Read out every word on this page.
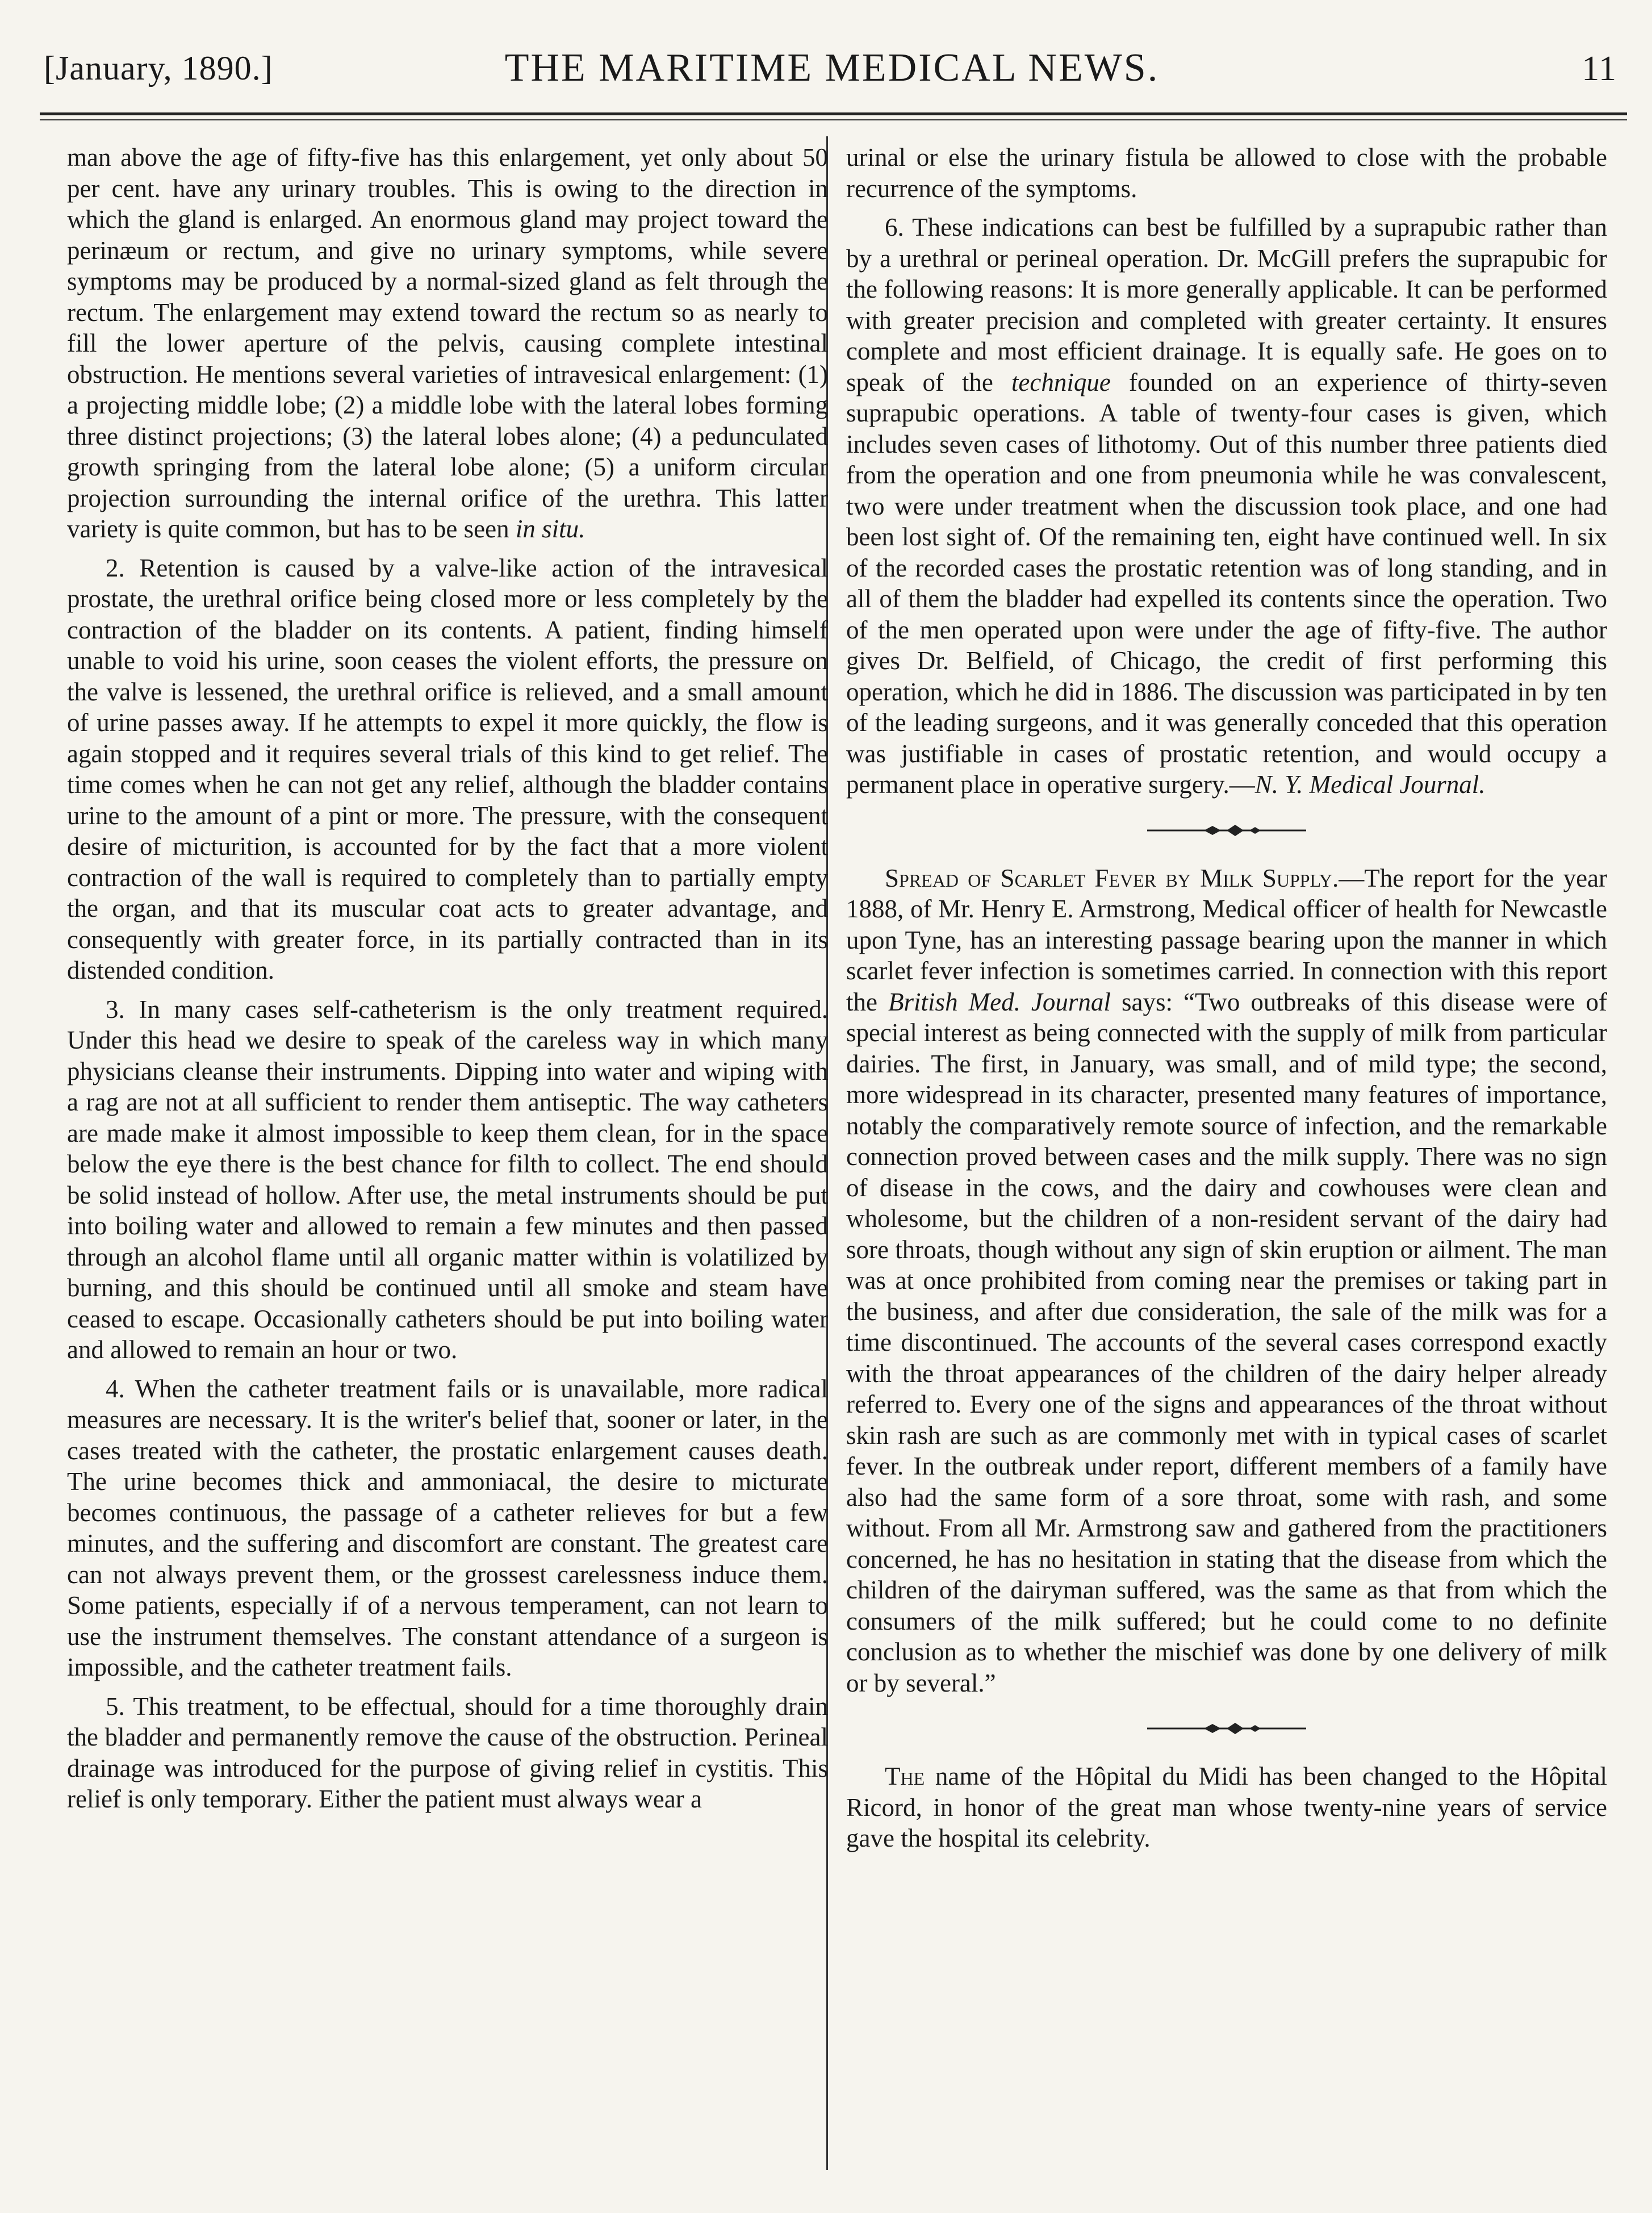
[January, 1890.]	THE MARITIME MEDICAL NEWS.	11

man above the age of fifty-five has this enlargement, yet only about 50 per cent. have any urinary troubles. This is owing to the direction in which the gland is enlarged. An enormous gland may project toward the perinæum or rectum, and give no urinary symptoms, while severe symptoms may be produced by a normal-sized gland as felt through the rectum. The enlargement may extend toward the rectum so as nearly to fill the lower aperture of the pelvis, causing complete intestinal obstruction. He mentions several varieties of intravesical enlargement: (1) a projecting middle lobe; (2) a middle lobe with the lateral lobes forming three distinct projections; (3) the lateral lobes alone; (4) a pedunculated growth springing from the lateral lobe alone; (5) a uniform circular projection surrounding the internal orifice of the urethra. This latter variety is quite common, but has to be seen in situ.

2. Retention is caused by a valve-like action of the intravesical prostate, the urethral orifice being closed more or less completely by the contraction of the bladder on its contents. A patient, finding himself unable to void his urine, soon ceases the violent efforts, the pressure on the valve is lessened, the urethral orifice is relieved, and a small amount of urine passes away. If he attempts to expel it more quickly, the flow is again stopped and it requires several trials of this kind to get relief. The time comes when he can not get any relief, although the bladder contains urine to the amount of a pint or more. The pressure, with the consequent desire of micturition, is accounted for by the fact that a more violent contraction of the wall is required to completely than to partially empty the organ, and that its muscular coat acts to greater advantage, and consequently with greater force, in its partially contracted than in its distended condition.

3. In many cases self-catheterism is the only treatment required. Under this head we desire to speak of the careless way in which many physicians cleanse their instruments. Dipping into water and wiping with a rag are not at all sufficient to render them antiseptic. The way catheters are made make it almost impossible to keep them clean, for in the space below the eye there is the best chance for filth to collect. The end should be solid instead of hollow. After use, the metal instruments should be put into boiling water and allowed to remain a few minutes and then passed through an alcohol flame until all organic matter within is volatilized by burning, and this should be continued until all smoke and steam have ceased to escape. Occasionally catheters should be put into boiling water and allowed to remain an hour or two.

4. When the catheter treatment fails or is unavailable, more radical measures are necessary. It is the writer's belief that, sooner or later, in the cases treated with the catheter, the prostatic enlargement causes death. The urine becomes thick and ammoniacal, the desire to micturate becomes continuous, the passage of a catheter relieves for but a few minutes, and the suffering and discomfort are constant. The greatest care can not always prevent them, or the grossest carelessness induce them. Some patients, especially if of a nervous temperament, can not learn to use the instrument themselves. The constant attendance of a surgeon is impossible, and the catheter treatment fails.

5. This treatment, to be effectual, should for a time thoroughly drain the bladder and permanently remove the cause of the obstruction. Perineal drainage was introduced for the purpose of giving relief in cystitis. This relief is only temporary. Either the patient must always wear a

urinal or else the urinary fistula be allowed to close with the probable recurrence of the symptoms.

6. These indications can best be fulfilled by a suprapubic rather than by a urethral or perineal operation. Dr. McGill prefers the suprapubic for the following reasons: It is more generally applicable. It can be performed with greater precision and completed with greater certainty. It ensures complete and most efficient drainage. It is equally safe. He goes on to speak of the technique founded on an experience of thirty-seven suprapubic operations. A table of twenty-four cases is given, which includes seven cases of lithotomy. Out of this number three patients died from the operation and one from pneumonia while he was convalescent, two were under treatment when the discussion took place, and one had been lost sight of. Of the remaining ten, eight have continued well. In six of the recorded cases the prostatic retention was of long standing, and in all of them the bladder had expelled its contents since the operation. Two of the men operated upon were under the age of fifty-five. The author gives Dr. Belfield, of Chicago, the credit of first performing this operation, which he did in 1886. The discussion was participated in by ten of the leading surgeons, and it was generally conceded that this operation was justifiable in cases of prostatic retention, and would occupy a permanent place in operative surgery.—N. Y. Medical Journal.

Spread of Scarlet Fever by Milk Supply.—The report for the year 1888, of Mr. Henry E. Armstrong, Medical officer of health for Newcastle upon Tyne, has an interesting passage bearing upon the manner in which scarlet fever infection is sometimes carried. In connection with this report the British Med. Journal says: “Two outbreaks of this disease were of special interest as being connected with the supply of milk from particular dairies. The first, in January, was small, and of mild type; the second, more widespread in its character, presented many features of importance, notably the comparatively remote source of infection, and the remarkable connection proved between cases and the milk supply. There was no sign of disease in the cows, and the dairy and cowhouses were clean and wholesome, but the children of a non-resident servant of the dairy had sore throats, though without any sign of skin eruption or ailment. The man was at once prohibited from coming near the premises or taking part in the business, and after due consideration, the sale of the milk was for a time discontinued. The accounts of the several cases correspond exactly with the throat appearances of the children of the dairy helper already referred to. Every one of the signs and appearances of the throat without skin rash are such as are commonly met with in typical cases of scarlet fever. In the outbreak under report, different members of a family have also had the same form of a sore throat, some with rash, and some without. From all Mr. Armstrong saw and gathered from the practitioners concerned, he has no hesitation in stating that the disease from which the children of the dairyman suffered, was the same as that from which the consumers of the milk suffered; but he could come to no definite conclusion as to whether the mischief was done by one delivery of milk or by several.”

The name of the Hôpital du Midi has been changed to the Hôpital Ricord, in honor of the great man whose twenty-nine years of service gave the hospital its celebrity.
